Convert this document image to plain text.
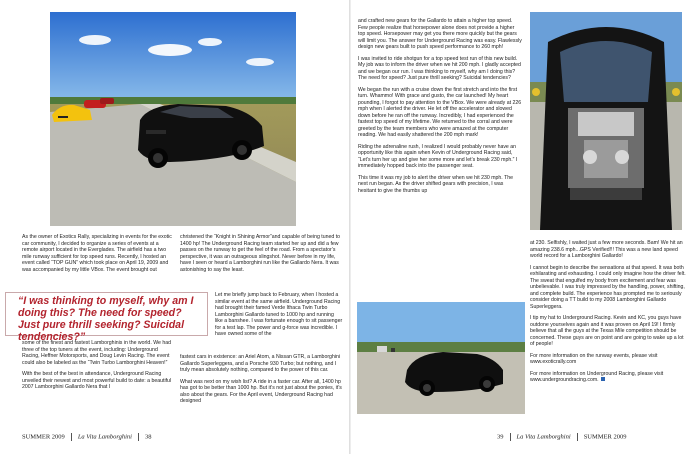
As the owner of Exotics Rally, specializing in events for the exotic car community, I decided to organize a series of events at a remote airport located in the Everglades. The airfield has a two mile runway sufficient for top speed runs. Recently, I hosted an event called “TOP GUN” which took place on April 19, 2009 and was accompanied by my little VBox. The event brought out

some of the finest and fastest Lamborghinis in the world. We had three of the top tuners at the event, including: Underground Racing, Heffner Motorsports, and Doug Levin Racing. The event could also be labeled as the “Twin Turbo Lamborghini Heaven!”

With the best of the best in attendance, Underground Racing unveiled their newest and most powerful build to date: a beautiful 2007 Lamborghini Gallardo Nera that I

“I was thinking to myself, why am I doing this? The need for speed? Just pure thrill seeking? Suicidal tendencies?”

christened the “Knight in Shining Armor”and capable of being tuned to 1400 hp! The Underground Racing team started her up and did a few passes on the runway to get the feel of the road. From a spectator’s perspective, it was an outrageous slingshot. Never before in my life, have I seen or heard a Lamborghini run like the Gallardo Nera. It was astonishing to say the least.

Let me briefly jump back to February, when I hosted a similar event at the same airfield. Underground Racing had brought their famed Verde Ithaca Twin Turbo Lamborghini Gallardo tuned to 1000 hp and running like a banshee. I was fortunate enough to sit passenger for a test lap. The power and g-force was incredible. I have owned some of the

fastest cars in existence: an Ariel Atom, a Nissan GTR, a Lamborghini Gallardo Superleggera, and a Porsche 930 Turbo; but nothing, and I truly mean absolutely nothing, compared to the power of this car.

What was next on my wish list? A ride in a faster car. After all, 1400 hp has got to be better than 1000 hp. But it’s not just about the ponies, it’s also about the gears. For the April event, Underground Racing had designed

and crafted new gears for the Gallardo to attain a higher top speed. Few people realize that horsepower alone does not provide a higher top speed. Horsepower may get you there more quickly but the gears will limit you. The answer for Underground Racing was easy. Flawlessly design new gears built to push speed performance to 260 mph!

I was invited to ride shotgun for a top speed test run of this new build. My job was to inform the driver when we hit 200 mph. I gladly accepted and we began our run. I was thinking to myself, why am I doing this? The need for speed? Just pure thrill seeking? Suicidal tendencies?

We began the run with a cruise down the first stretch and into the first turn. Whammo! With grace and gusto, the car launched! My heart pounding, I forgot to pay attention to the VBox. We were already at 226 mph when I alerted the driver. He let off the accelerator and slowed down before he ran off the runway. Incredibly, I had experienced the fastest top speed of my lifetime. We returned to the corral and were greeted by the team members who were amazed at the computer reading. We had easily shattered the 200 mph mark!

Riding the adrenaline rush, I realized I would probably never have an opportunity like this again when Kevin of Underground Racing said, “Let’s turn her up and give her some more and let’s break 230 mph.” I immediately hopped back into the passenger seat.

This time it was my job to alert the driver when we hit 230 mph. The next run began. As the driver shifted gears with precision, I was hesitant to give the thumbs up

at 230. Selfishly, I waited just a few more seconds. Bam! We hit an amazing 238.6 mph...GPS Verified!!! This was a new land speed world record for a Lamborghini Gallardo!

I cannot begin to describe the sensations at that speed. It was both exhilarating and exhausting. I could only imagine how the driver felt. The sweat that engulfed my body from excitement and fear was unbelievable. I was truly impressed by the handling, power, shifting, and complete build. The experience has prompted me to seriously consider doing a TT build to my 2008 Lamborghini Gallardo Superleggera.

I tip my hat to Underground Racing. Kevin and KC, you guys have outdone yourselves again and it was proven on April 19! I firmly believe that all the guys at the Texas Mile competition should be concerned. These guys are on point and are going to wake up a lot of people!

For more information on the runway events, please visit www.exoticrally.com

For more information on Underground Racing, please visit www.undergroundracing.com.

SUMMER 2009 La Vita Lamborghini 38	39 La Vita Lamborghini SUMMER 2009
